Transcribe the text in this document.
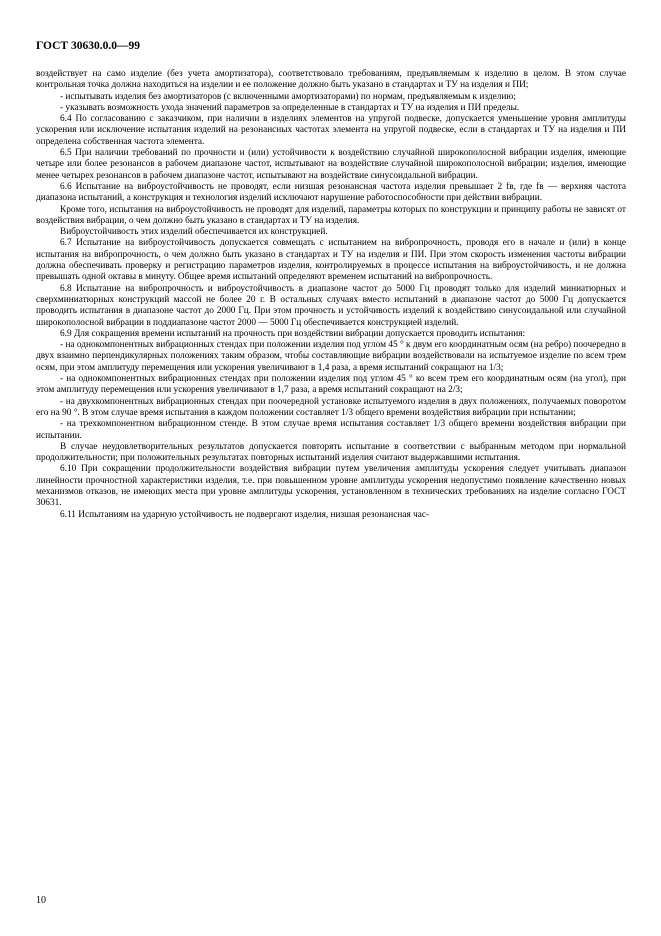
ГОСТ 30630.0.0—99

воздействует на само изделие (без учета амортизатора), соответствовало требованиям, предъявляемым к изделию в целом. В этом случае контрольная точка должна находиться на изделии и ее положение должно быть указано в стандартах и ТУ на изделия и ПИ;

- испытывать изделия без амортизаторов (с включенными амортизаторами) по нормам, предъявляемым к изделию;

- указывать возможность ухода значений параметров за определенные в стандартах и ТУ на изделия и ПИ пределы.

6.4 По согласованию с заказчиком, при наличии в изделиях элементов на упругой подвеске, допускается уменьшение уровня амплитуды ускорения или исключение испытания изделий на резонансных частотах элемента на упругой подвеске, если в стандартах и ТУ на изделия и ПИ определена собственная частота элемента.

6.5 При наличии требований по прочности и (или) устойчивости к воздействию случайной широкополосной вибрации изделия, имеющие четыре или более резонансов в рабочем диапазоне частот, испытывают на воздействие случайной широкополосной вибрации; изделия, имеющие менее четырех резонансов в рабочем диапазоне частот, испытывают на воздействие синусоидальной вибрации.

6.6 Испытание на виброустойчивость не проводят, если низшая резонансная частота изделия превышает 2 fв, где fв — верхняя частота диапазона испытаний, а конструкция и технология изделий исключают нарушение работоспособности при действии вибрации.

Кроме того, испытания на виброустойчивость не проводят для изделий, параметры которых по конструкции и принципу работы не зависят от воздействия вибрации, о чем должно быть указано в стандартах и ТУ на изделия.

Виброустойчивость этих изделий обеспечивается их конструкцией.

6.7 Испытание на виброустойчивость допускается совмещать с испытанием на вибропрочность, проводя его в начале и (или) в конце испытания на вибропрочность, о чем должно быть указано в стандартах и ТУ на изделия и ПИ. При этом скорость изменения частоты вибрации должна обеспечивать проверку и регистрацию параметров изделия, контролируемых в процессе испытания на виброустойчивость, и не должна превышать одной октавы в минуту. Общее время испытаний определяют временем испытаний на вибропрочность.

6.8 Испытание на вибропрочность и виброустойчивость в диапазоне частот до 5000 Гц проводят только для изделий миниатюрных и сверхминиатюрных конструкций массой не более 20 г. В остальных случаях вместо испытаний в диапазоне частот до 5000 Гц допускается проводить испытания в диапазоне частот до 2000 Гц. При этом прочность и устойчивость изделий к воздействию синусоидальной или случайной широкополосной вибрации в поддиапазоне частот 2000 — 5000 Гц обеспечивается конструкцией изделий.

6.9 Для сокращения времени испытаний на прочность при воздействии вибрации допускается проводить испытания:

- на однокомпонентных вибрационных стендах при положении изделия под углом 45 ° к двум его координатным осям (на ребро) поочередно в двух взаимно перпендикулярных положениях таким образом, чтобы составляющие вибрации воздействовали на испытуемое изделие по всем трем осям, при этом амплитуду перемещения или ускорения увеличивают в 1,4 раза, а время испытаний сокращают на 1/3;

- на однокомпонентных вибрационных стендах при положении изделия под углом 45 ° ко всем трем его координатным осям (на угол), при этом амплитуду перемещения или ускорения увеличивают в 1,7 раза, а время испытаний сокращают на 2/3;

- на двухкомпонентных вибрационных стендах при поочередной установке испытуемого изделия в двух положениях, получаемых поворотом его на 90 °. В этом случае время испытания в каждом положении составляет 1/3 общего времени воздействия вибрации при испытании;

- на трехкомпонентном вибрационном стенде. В этом случае время испытания составляет 1/3 общего времени воздействия вибрации при испытании.

В случае неудовлетворительных результатов допускается повторять испытание в соответствии с выбранным методом при нормальной продолжительности; при положительных результатах повторных испытаний изделия считают выдержавшими испытания.

6.10 При сокращении продолжительности воздействия вибрации путем увеличения амплитуды ускорения следует учитывать диапазон линейности прочностной характеристики изделия, т.е. при повышенном уровне амплитуды ускорения недопустимо появление качественно новых механизмов отказов, не имеющих места при уровне амплитуды ускорения, установленном в технических требованиях на изделие согласно ГОСТ 30631.

6.11 Испытаниям на ударную устойчивость не подвергают изделия, низшая резонансная час-

10
